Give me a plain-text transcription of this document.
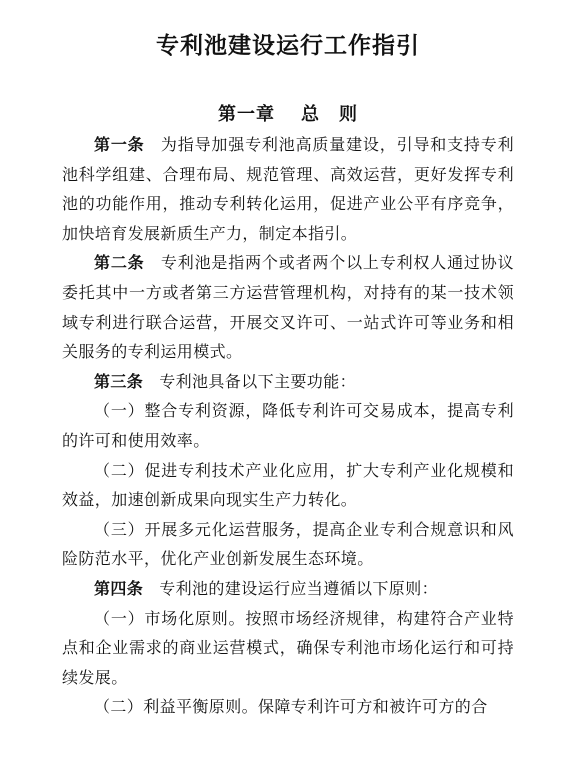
专利池建设运行工作指引
第一章 总　则

第一条 为指导加强专利池高质量建设，引导和支持专利池科学组建、合理布局、规范管理、高效运营，更好发挥专利池的功能作用，推动专利转化运用，促进产业公平有序竞争，加快培育发展新质生产力，制定本指引。

第二条 专利池是指两个或者两个以上专利权人通过协议委托其中一方或者第三方运营管理机构，对持有的某一技术领域专利进行联合运营，开展交叉许可、一站式许可等业务和相关服务的专利运用模式。

第三条 专利池具备以下主要功能：

（一）整合专利资源，降低专利许可交易成本，提高专利的许可和使用效率。

（二）促进专利技术产业化应用，扩大专利产业化规模和效益，加速创新成果向现实生产力转化。

（三）开展多元化运营服务，提高企业专利合规意识和风险防范水平，优化产业创新发展生态环境。

第四条 专利池的建设运行应当遵循以下原则：

（一）市场化原则。按照市场经济规律，构建符合产业特点和企业需求的商业运营模式，确保专利池市场化运行和可持续发展。

（二）利益平衡原则。保障专利许可方和被许可方的合
